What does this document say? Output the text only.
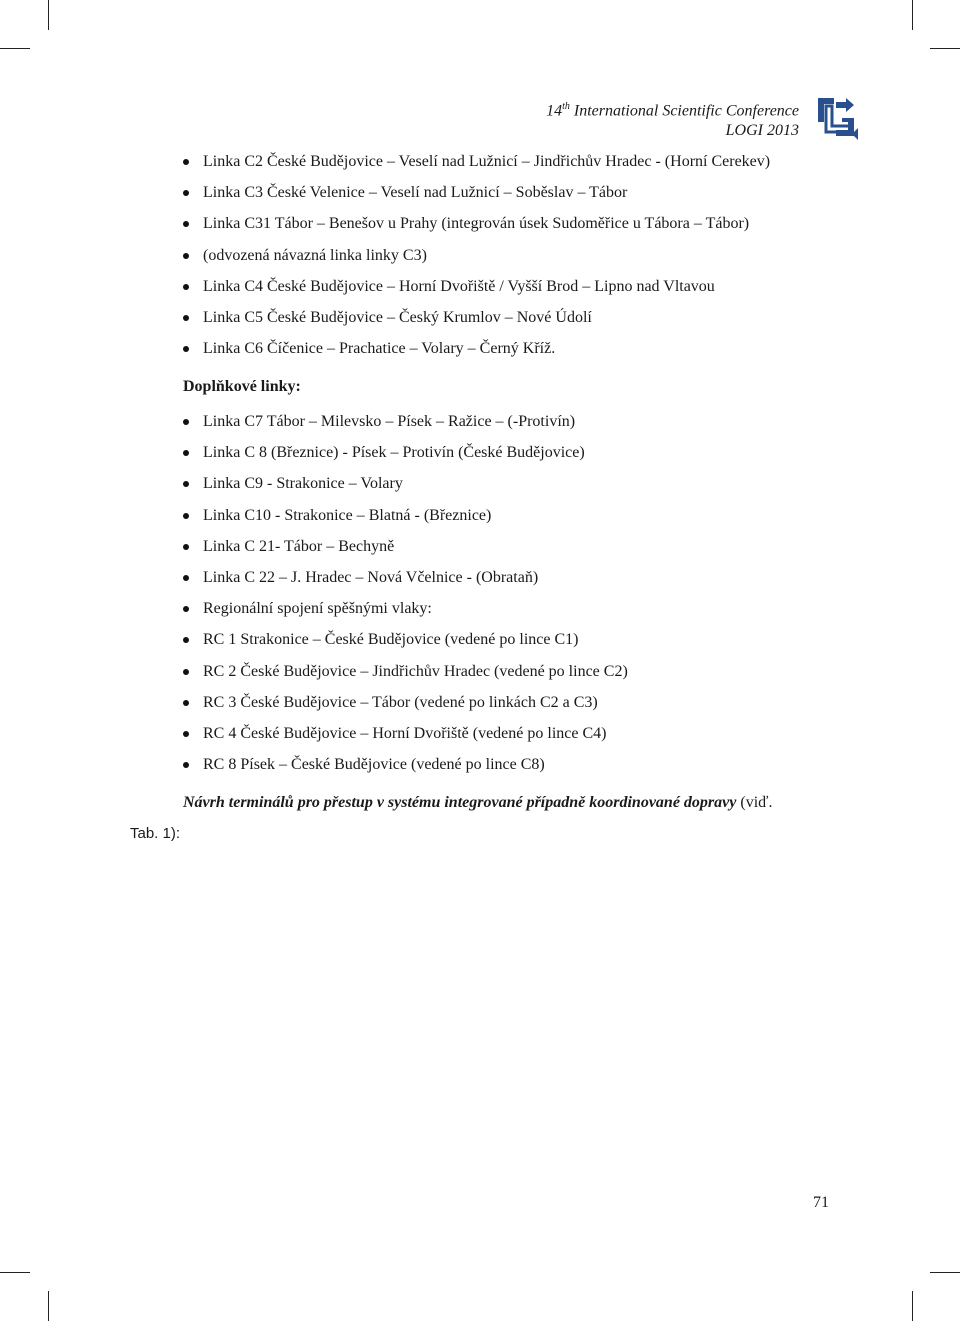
14th International Scientific Conference
LOGI 2013
Linka C2 České Budějovice – Veselí nad Lužnicí – Jindřichův Hradec - (Horní Cerekev)
Linka C3 České Velenice – Veselí nad Lužnicí – Soběslav – Tábor
Linka C31 Tábor – Benešov u Prahy (integrován úsek Sudoměřice u Tábora – Tábor)
(odvozená návazná linka linky C3)
Linka C4 České Budějovice – Horní Dvořiště / Vyšší Brod – Lipno nad Vltavou
Linka C5 České Budějovice – Český Krumlov – Nové Údolí
Linka C6 Číčenice – Prachatice – Volary – Černý Kříž.
Doplňkové linky:
Linka C7 Tábor – Milevsko – Písek – Ražice – (-Protivín)
Linka C 8 (Březnice) - Písek – Protivín (České Budějovice)
Linka C9 - Strakonice – Volary
Linka C10 - Strakonice – Blatná - (Březnice)
Linka C 21- Tábor – Bechyně
Linka C 22 – J. Hradec – Nová Včelnice - (Obrataň)
Regionální spojení spěšnými vlaky:
RC 1 Strakonice – České Budějovice (vedené po lince C1)
RC 2 České Budějovice – Jindřichův Hradec (vedené po lince C2)
RC 3 České Budějovice – Tábor (vedené po linkách C2 a C3)
RC 4 České Budějovice – Horní Dvořiště (vedené po lince C4)
RC 8 Písek – České Budějovice (vedené po lince C8)
Návrh terminálů pro přestup v systému integrované případně koordinované dopravy (viď.
Tab. 1):
71
